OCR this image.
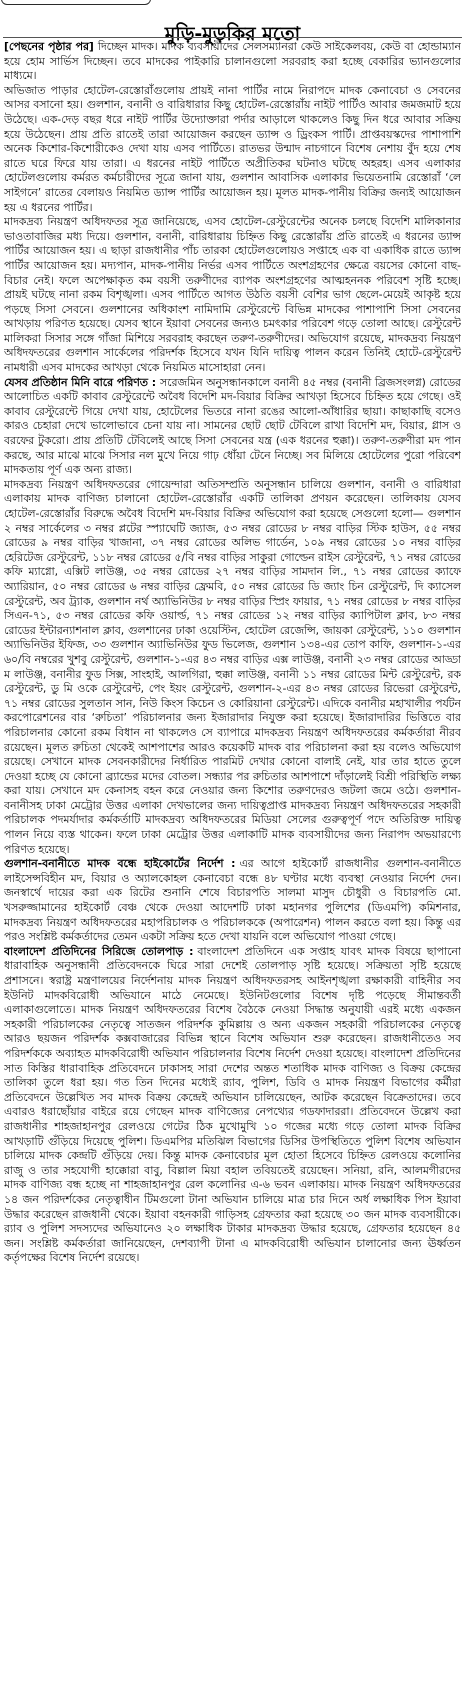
মুড়ি-মুড়কির মতো

[পেছনের পৃষ্ঠার পর] দিচ্ছেন মাদক। মাদক ব্যবসায়ীদের সেলসম্যানরা কেউ সাইকেলবয়, কেউ বা হোন্ডাম্যান হয়ে হোম সার্ভিস দিচ্ছেন। তবে মাদকের পাইকারি চালানগুলো সরবরাহ করা হচ্ছে বেকারির ভ্যানগুলোর মাধ্যমে।

অভিজাত পাড়ার হোটেল-রেস্তোরাঁগুলোয় প্রায়ই নানা পার্টির নামে নিরাপদে মাদক কেনাবেচা ও সেবনের আসর বসানো হয়। গুলশান, বনানী ও বারিধারার কিছু হোটেল-রেস্তোরাঁয় নাইট পার্টিও আবার জমজমাট হয়ে উঠেছে। এক-দেড় বছর ধরে নাইট পার্টির উদ্যোক্তারা পর্দার আড়ালে থাকলেও কিছু দিন ধরে আবার সক্রিয় হয়ে উঠেছেন। প্রায় প্রতি রাতেই তারা আয়োজন করছেন ড্যান্স ও ড্রিংকস পার্টি। প্রাপ্তবয়স্কদের পাশাপাশি অনেক কিশোর-কিশোরীকেও দেখা যায় এসব পার্টিতে। রাতভর উন্মাদ নাচগানে বিশেষ নেশায় বুঁদ হয়ে শেষ রাতে ঘরে ফিরে যায় তারা। এ ধরনের নাইট পার্টিতে অপ্রীতিকর ঘটনাও ঘটছে অহরহ। এসব এলাকার হোটেলগুলোয় কর্মরত কর্মচারীদের সূত্রে জানা যায়, গুলশান আবাসিক এলাকার ভিয়েতনামি রেস্তোরাঁ ‘লে সাইগনে’ রাতের বেলায়ও নিয়মিত ড্যান্স পার্টির আয়োজন হয়। মূলত মাদক-পানীয় বিক্রির জন্যই আয়োজন হয় এ ধরনের পার্টির।

মাদকদ্রব্য নিয়ন্ত্রণ অধিদফতর সূত্র জানিয়েছে, এসব হোটেল-রেস্টুরেন্টের অনেক চলছে বিদেশি মালিকানার ভাওতাবাজির মধ্য দিয়ে। গুলশান, বনানী, বারিধারায় চিহ্নিত কিছু রেস্তোরাঁয় প্রতি রাতেই এ ধরনের ড্যান্স পার্টির আয়োজন হয়। এ ছাড়া রাজধানীর পাঁচ তারকা হোটেলগুলোয়ও সপ্তাহে এক বা একাধিক রাতে ড্যান্স পার্টির আয়োজন হয়। মদ্যপান, মাদক-পানীয় নির্ভর এসব পার্টিতে অংশগ্রহণের ক্ষেত্রে বয়সের কোনো বাছ-বিচার নেই। ফলে অপেক্ষাকৃত কম বয়সী তরুণীদের ব্যাপক অংশগ্রহণের আত্মহননক পরিবেশ সৃষ্টি হচ্ছে। প্রায়ই ঘটছে নানা রকম বিশৃঙ্খলা। এসব পার্টিতে আগত উঠতি বয়সী বেশির ভাগ ছেলে-মেয়েই আকৃষ্ট হয়ে পড়ছে সিসা সেবনে। গুলশানের অধিকাংশ নামিদামি রেস্টুরেন্টে বিভিন্ন মাদকের পাশাপাশি সিসা সেবনের আখড়ায় পরিণত হয়েছে। যেসব স্থানে ইয়াবা সেবনের জন্যও চমৎকার পরিবেশ গড়ে তোলা আছে। রেস্টুরেন্ট মালিকরা সিসার সঙ্গে গাঁজা মিশিয়ে সরবরাহ করছেন তরুণ-তরুণীদের। অভিযোগ রয়েছে, মাদকদ্রব্য নিয়ন্ত্রণ অধিদফতরের গুলশান সার্কেলের পরিদর্শক হিসেবে যখন যিনি দায়িত্ব পালন করেন তিনিই হোটে-রেস্টুরেন্ট নামধারী এসব মাদকের আখড়া থেকে নিয়মিত মাসোহারা নেন।

যেসব প্রতিষ্ঠান মিনি বারে পরিণত : সরেজমিন অনুসন্ধানকালে বনানী ৪৫ নম্বর (বনানী ব্রিজসংলগ্ন) রোডের আলোচিত একটি কাবাব রেস্টুরেন্টে অবৈধ বিদেশি মদ-বিয়ার বিক্রির আখড়া হিসেবে চিহ্নিত হয়ে গেছে। ওই কাবাব রেস্টুরেন্টে গিয়ে দেখা যায়, হোটেলের ভিতরে নানা রঙের আলো-আঁধারির ছায়া। কাছাকাছি বসেও কারও চেহারা দেখে ভালোভাবে চেনা যায় না। সামনের ছোট ছোট টেবিলে রাখা বিদেশি মদ, বিয়ার, গ্লাস ও বরফের টুকরো। প্রায় প্রতিটি টেবিলেই আছে সিসা সেবনের যন্ত্র (এক ধরনের হুক্কা)। তরুণ-তরুণীরা মদ পান করছে, আর মাঝে মাঝে সিসার নল মুখে নিয়ে গাঢ় ধোঁয়া টেনে নিচ্ছে। সব মিলিয়ে হোটেলের পুরো পরিবেশ মাদকতায় পূর্ণ এক অন্য রাজ্য।

মাদকদ্রব্য নিয়ন্ত্রণ অধিদফতরের গোয়েন্দারা অতিসম্প্রতি অনুসন্ধান চালিয়ে গুলশান, বনানী ও বারিধারা এলাকায় মাদক বাণিজ্য চালানো হোটেল-রেস্তোরাঁর একটি তালিকা প্রণয়ন করেছেন। তালিকায় যেসব হোটেল-রেস্তোরাঁর বিরুদ্ধে অবৈধ বিদেশি মদ-বিয়ার বিক্রির অভিযোগ করা হয়েছে সেগুলো হলো— গুলশান ২ নম্বর সার্কেলের ৩ নম্বর প্লটের স্প্যাঘেটি জ্যাজ, ৫৩ নম্বর রোডের ৮ নম্বর বাড়ির স্টিক হাউস, ৫৫ নম্বর রোডের ৯ নম্বর বাড়ির খাজানা, ৩৭ নম্বর রোডের অলিভ গার্ডেন, ১০৯ নম্বর রোডের ১০ নম্বর বাড়ির হেরিটেজ রেস্টুরেন্ট, ১১৮ নম্বর রোডের ৫/বি নম্বর বাড়ির সাকুরা গোল্ডেন রাইস রেস্টুরেন্ট, ৭১ নম্বর রোডের কফি ম্যাগ্নো, এক্সিট লাউঞ্জ, ৩৫ নম্বর রোডের ২৭ নম্বর বাড়ির সামদান লি., ৭১ নম্বর রোডের ক্যাফে অ্যারিয়ান, ৫০ নম্বর রোডের ৬ নম্বর বাড়ির ফ্রেমবি, ৫০ নম্বর রোডের ডি জ্যাং চিন রেস্টুরেন্ট, দি ক্যাসেল রেস্টুরেন্ট, অব ট্র্যাক, গুলশান নর্থ অ্যাভিনিউর ৮ নম্বর বাড়ির স্প্রিং ফায়ার, ৭১ নম্বর রোডের ৮ নম্বর বাড়ির সিএন-৭১, ৫৩ নম্বর রোডের কফি ওয়ার্ল্ড, ৭১ নম্বর রোডের ১২ নম্বর বাড়ির ক্যাপিটাল ক্লাব, ৮৩ নম্বর রোডের ইন্টারন্যাশনাল ক্লাব, গুলশানের ঢাকা ওয়েস্টিন, হোটেল রেজেন্সি, জায়কা রেস্টুরেন্ট, ১১০ গুলশান অ্যাভিনিউর ইফিজ, ৩৩ গুলশান অ্যাভিনিউর ফুড ভিলেজ, গুলশান ১৩৪-এর তোপ কাফি, গুলশান-১-এর ৬০/বি নম্বরের খুশবু রেস্টুরেন্ট, গুলশান-১-এর ৪৩ নম্বর বাড়ির এক্স লাউঞ্জ, বনানী ২৩ নম্বর রোডের আড্ডা ম লাউঞ্জ, বনানীর ফুড সিক্স, সাংহাই, আলগিরা, হুক্কা লাউঞ্জ, বনানী ১১ নম্বর রোডের মিন্ট রেস্টুরেন্ট, রক রেস্টুরেন্ট, ডু মি ওকে রেস্টুরেন্ট, পেং ইয়ং রেস্টুরেন্ট, গুলশান-২-এর ৪৩ নম্বর রোডের রিভেরা রেস্টুরেন্ট, ৭১ নম্বর রোডের সুলতান সান, নিউ কিংস কিচেন ও কোরিয়ানা রেস্টুরেন্ট। এদিকে বনানীর মহাখালীর পর্যটন করপোরেশনের বার ‘রুচিতা’ পরিচালনার জন্য ইজারাদার নিযুক্ত করা হয়েছে। ইজারাদারির ভিত্তিতে বার পরিচালনার কোনো রকম বিধান না থাকলেও সে ব্যাপারে মাদকদ্রব্য নিয়ন্ত্রণ অধিদফতরের কর্মকর্তারা নীরব রয়েছেন। মূলত রুচিতা থেকেই আশপাশের আরও কয়েকটি মাদক বার পরিচালনা করা হয় বলেও অভিযোগ রয়েছে। সেখানে মাদক সেবনকারীদের নির্ধারিত পারমিট দেখার কোনো বালাই নেই, যার তার হাতে তুলে দেওয়া হচ্ছে যে কোনো ব্র্যান্ডের মদের বোতল। সন্ধ্যার পর রুচিতার আশপাশে দাঁড়ালেই বিশ্রী পরিস্থিতি লক্ষ্য করা যায়। সেখানে মদ কেনাসহ বহন করে নেওয়ার জন্য কিশোর তরুণদেরও জটলা জমে ওঠে। গুলশান-বনানীসহ ঢাকা মেট্রোর উত্তর এলাকা দেখভালের জন্য দায়িত্বপ্রাপ্ত মাদকদ্রব্য নিয়ন্ত্রণ অধিদফতরের সহকারী পরিচালক পদমর্যাদার কর্মকর্তাটি মাদকদ্রব্য অধিদফতরের মিডিয়া সেলের গুরুত্বপূর্ণ পদে অতিরিক্ত দায়িত্ব পালন নিয়ে ব্যস্ত থাকেন। ফলে ঢাকা মেট্রোর উত্তর এলাকাটি মাদক ব্যবসায়ীদের জন্য নিরাপদ অভয়ারণ্যে পরিণত হয়েছে।

গুলশান-বনানীতে মাদক বন্ধে হাইকোর্টের নির্দেশ : এর আগে হাইকোর্ট রাজধানীর গুলশান-বনানীতে লাইসেন্সবিহীন মদ, বিয়ার ও অ্যালকোহল কেনাবেচা বন্ধে ৪৮ ঘণ্টার মধ্যে ব্যবস্থা নেওয়ার নির্দেশ দেন। জনস্বার্থে দায়ের করা এক রিটের শুনানি শেষে বিচারপতি সালমা মাসুদ চৌধুরী ও বিচারপতি মো. খসরুজ্জামানের হাইকোর্ট বেঞ্চ থেকে দেওয়া আদেশটি ঢাকা মহানগর পুলিশের (ডিএমপি) কমিশনার, মাদকদ্রব্য নিয়ন্ত্রণ অধিদফতরের মহাপরিচালক ও পরিচালককে (অপারেশন) পালন করতে বলা হয়। কিন্তু এর পরও সংশ্লিষ্ট কর্মকর্তাদের তেমন একটা সক্রিয় হতে দেখা যায়নি বলে অভিযোগ পাওয়া গেছে।

বাংলাদেশ প্রতিদিনের সিরিজে তোলপাড় : বাংলাদেশ প্রতিদিনে এক সপ্তাহ যাবৎ মাদক বিষয়ে ছাপানো ধারাবাহিক অনুসন্ধানী প্রতিবেদনকে ঘিরে সারা দেশেই তোলপাড় সৃষ্টি হয়েছে। সক্রিয়তা সৃষ্টি হয়েছে প্রশাসনে। স্বরাষ্ট্র মন্ত্রণালয়ের নির্দেশনায় মাদক নিয়ন্ত্রণ অধিদফতরসহ আইনশৃঙ্খলা রক্ষাকারী বাহিনীর সব ইউনিট মাদকবিরোধী অভিযানে মাঠে নেমেছে। ইউনিটগুলোর বিশেষ দৃষ্টি পড়েছে সীমান্তবর্তী এলাকাগুলোতে। মাদক নিয়ন্ত্রণ অধিদফতরের বিশেষ বৈঠকে নেওয়া সিদ্ধান্ত অনুযায়ী এরই মধ্যে একজন সহকারী পরিচালকের নেতৃত্বে সাতজন পরিদর্শক কুমিল্লায় ও অন্য একজন সহকারী পরিচালকের নেতৃত্বে আরও ছয়জন পরিদর্শক কক্সবাজারের বিভিন্ন স্থানে বিশেষ অভিযান শুরু করেছেন। রাজধানীতেও সব পরিদর্শককে অব্যাহত মাদকবিরোধী অভিযান পরিচালনার বিশেষ নির্দেশ দেওয়া হয়েছে। বাংলাদেশ প্রতিদিনের সাত কিস্তির ধারাবাহিক প্রতিবেদনে ঢাকাসহ সারা দেশের অন্তত শতাধিক মাদক বাণিজ্য ও বিক্রয় কেন্দ্রের তালিকা তুলে ধরা হয়। গত তিন দিনের মধ্যেই র‌্যাব, পুলিশ, ডিবি ও মাদক নিয়ন্ত্রণ বিভাগের কর্মীরা প্রতিবেদনে উল্লেখিত সব মাদক বিক্রয় কেন্দ্রেই অভিযান চালিয়েছেন, আটক করেছেন বিক্রেতাদের। তবে এবারও ধরাছোঁয়ার বাইরে রয়ে গেছেন মাদক বাণিজ্যের নেপথ্যের গডফাদাররা। প্রতিবেদনে উল্লেখ করা রাজধানীর শাহজাহানপুর রেলওয়ে গেটের ঠিক মুখোমুখি ১০ গজের মধ্যে গড়ে তোলা মাদক বিক্রির আখড়াটি গুঁড়িয়ে দিয়েছে পুলিশ। ডিএমপির মতিঝিল বিভাগের ডিসির উপস্থিতিতে পুলিশ বিশেষ অভিযান চালিয়ে মাদক কেন্দ্রটি গুঁড়িয়ে দেয়। কিন্তু মাদক কেনাবেচার মূল হোতা হিসেবে চিহ্নিত রেলওয়ে কলোনির রাজু ও তার সহযোগী হাক্কোরা বাবু, বিল্লাল মিয়া বহাল তবিয়তেই রয়েছেন। সনিয়া, রনি, আলমগীরদের মাদক বাণিজ্য বন্ধ হচ্ছে না শাহজাহানপুর রেল কলোনির এ-৬ ভবন এলাকায়। মাদক নিয়ন্ত্রণ অধিদফতরের ১৪ জন পরিদর্শকের নেতৃত্বাধীন টিমগুলো টানা অভিযান চালিয়ে মাত্র চার দিনে অর্ধ লক্ষাধিক পিস ইয়াবা উদ্ধার করেছেন রাজধানী থেকে। ইয়াবা বহনকারী গাড়িসহ গ্রেফতার করা হয়েছে ৩০ জন মাদক ব্যবসায়ীকে। র‌্যাব ও পুলিশ সদস্যদের অভিযানেও ২০ লক্ষাধিক টাকার মাদকদ্রব্য উদ্ধার হয়েছে, গ্রেফতার হয়েছেন ৪৫ জন। সংশ্লিষ্ট কর্মকর্তারা জানিয়েছেন, দেশব্যাপী টানা এ মাদকবিরোধী অভিযান চালানোর জন্য ঊর্ধ্বতন কর্তৃপক্ষের বিশেষ নির্দেশ রয়েছে।
